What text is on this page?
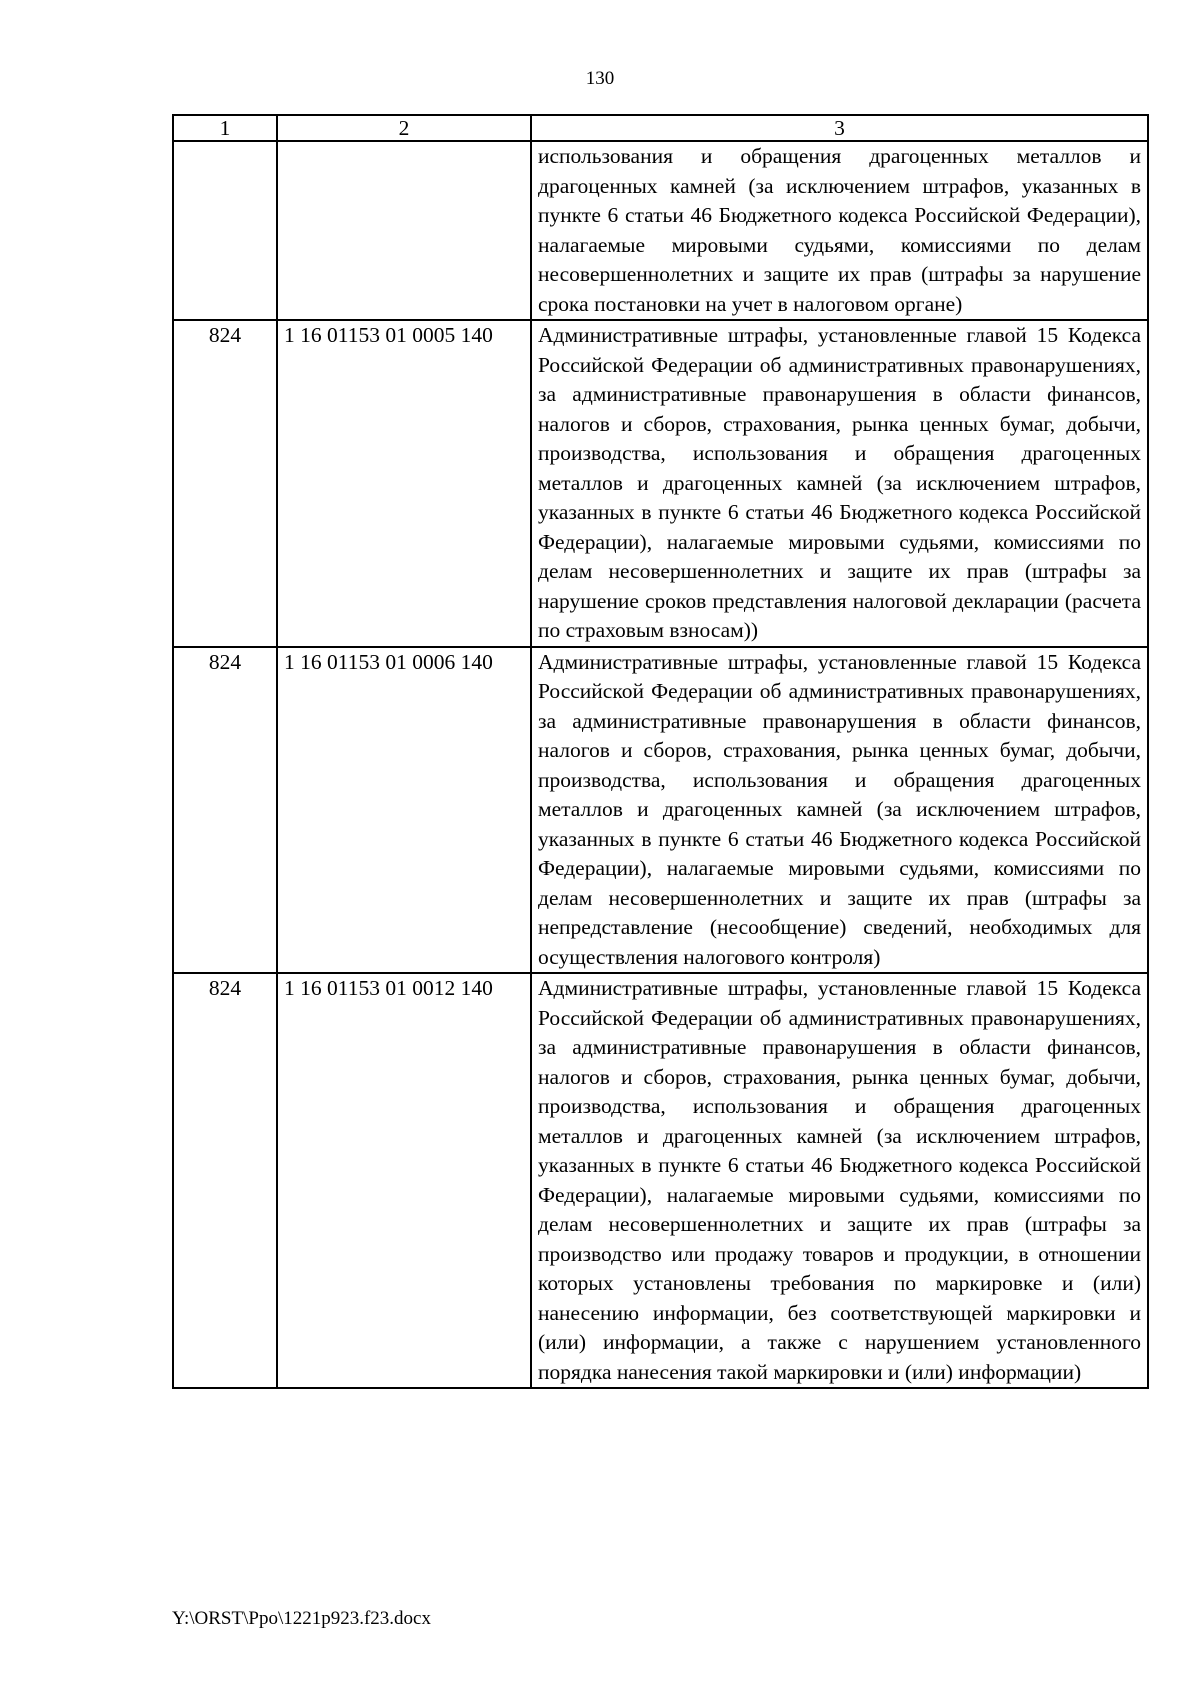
130
1	2	3
		использования и обращения драгоценных металлов и драгоценных камней (за исключением штрафов, указанных в пункте 6 статьи 46 Бюджетного кодекса Российской Федерации), налагаемые мировыми судьями, комиссиями по делам несовершеннолетних и защите их прав (штрафы за нарушение срока постановки на учет в налоговом органе)
824	1 16 01153 01 0005 140	Административные штрафы, установленные главой 15 Кодекса Российской Федерации об административных правонарушениях, за административные правонарушения в области финансов, налогов и сборов, страхования, рынка ценных бумаг, добычи, производства, использования и обращения драгоценных металлов и драгоценных камней (за исключением штрафов, указанных в пункте 6 статьи 46 Бюджетного кодекса Российской Федерации), налагаемые мировыми судьями, комиссиями по делам несовершеннолетних и защите их прав (штрафы за нарушение сроков представления налоговой декларации (расчета по страховым взносам))
824	1 16 01153 01 0006 140	Административные штрафы, установленные главой 15 Кодекса Российской Федерации об административных правонарушениях, за административные правонарушения в области финансов, налогов и сборов, страхования, рынка ценных бумаг, добычи, производства, использования и обращения драгоценных металлов и драгоценных камней (за исключением штрафов, указанных в пункте 6 статьи 46 Бюджетного кодекса Российской Федерации), налагаемые мировыми судьями, комиссиями по делам несовершеннолетних и защите их прав (штрафы за непредставление (несообщение) сведений, необходимых для осуществления налогового контроля)
824	1 16 01153 01 0012 140	Административные штрафы, установленные главой 15 Кодекса Российской Федерации об административных правонарушениях, за административные правонарушения в области финансов, налогов и сборов, страхования, рынка ценных бумаг, добычи, производства, использования и обращения драгоценных металлов и драгоценных камней (за исключением штрафов, указанных в пункте 6 статьи 46 Бюджетного кодекса Российской Федерации), налагаемые мировыми судьями, комиссиями по делам несовершеннолетних и защите их прав (штрафы за производство или продажу товаров и продукции, в отношении которых установлены требования по маркировке и (или) нанесению информации, без соответствующей маркировки и (или) информации, а также с нарушением установленного порядка нанесения такой маркировки и (или) информации)
Y:\ORST\Ppo\1221p923.f23.docx
